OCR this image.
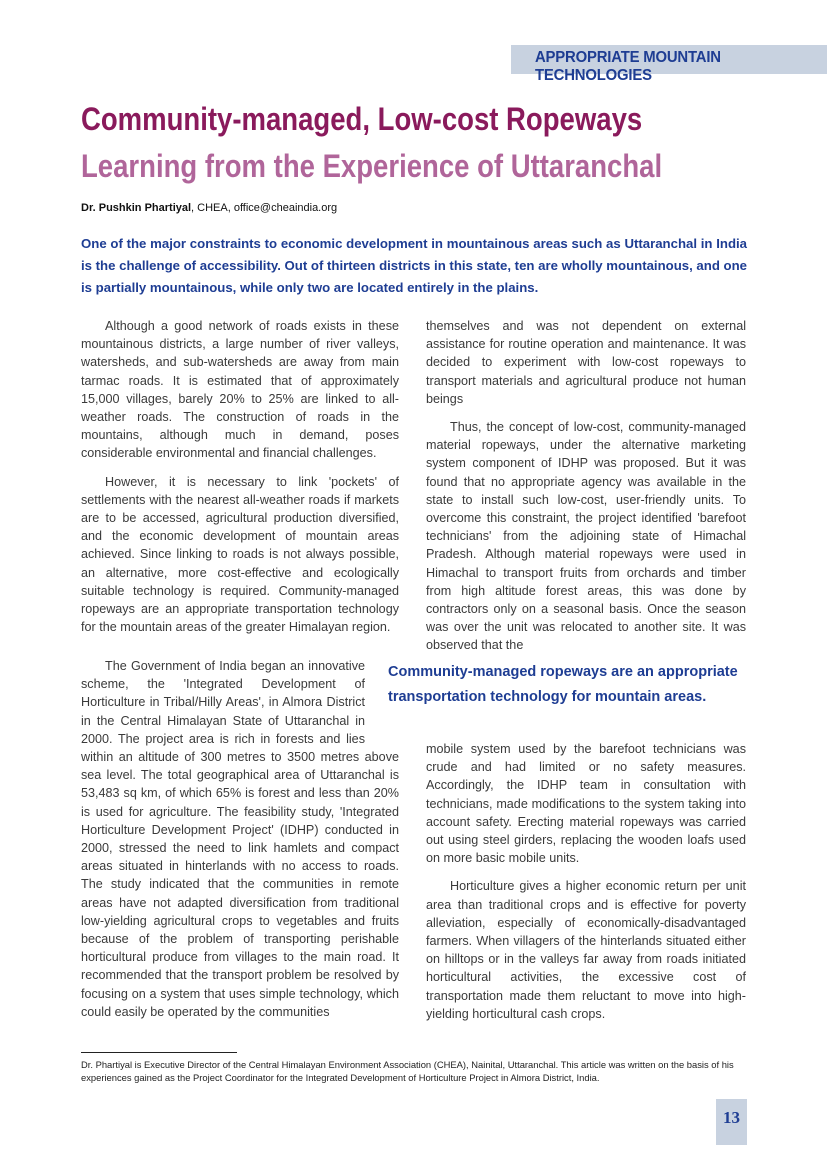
APPROPRIATE MOUNTAIN TECHNOLOGIES
Community-managed, Low-cost Ropeways
Learning from the Experience of Uttaranchal
Dr. Pushkin Phartiyal, CHEA, office@cheaindia.org
One of the major constraints to economic development in mountainous areas such as Uttaranchal in India is the challenge of accessibility. Out of thirteen districts in this state, ten are wholly mountainous, and one is partially mountainous, while only two are located entirely in the plains.

Although a good network of roads exists in these mountainous districts, a large number of river valleys, watersheds, and sub-watersheds are away from main tarmac roads. It is estimated that of approximately 15,000 villages, barely 20% to 25% are linked to all-weather roads. The construction of roads in the mountains, although much in demand, poses considerable environmental and financial challenges.

However, it is necessary to link 'pockets' of settlements with the nearest all-weather roads if markets are to be accessed, agricultural production diversified, and the economic development of mountain areas achieved. Since linking to roads is not always possible, an alternative, more cost-effective and ecologically suitable technology is required. Community-managed ropeways are an appropriate transportation technology for the mountain areas of the greater Himalayan region.

The Government of India began an innovative scheme, the 'Integrated Development of Horticulture in Tribal/Hilly Areas', in Almora District in the Central Himalayan State of Uttaranchal in 2000. The project area is rich in forests and lies within an altitude of 300 metres to 3500 metres above sea level. The total geographical area of Uttaranchal is 53,483 sq km, of which 65% is forest and less than 20% is used for agriculture. The feasibility study, 'Integrated Horticulture Development Project' (IDHP) conducted in 2000, stressed the need to link hamlets and compact areas situated in hinterlands with no access to roads. The study indicated that the communities in remote areas have not adapted diversification from traditional low-yielding agricultural crops to vegetables and fruits because of the problem of transporting perishable horticultural produce from villages to the main road. It recommended that the transport problem be resolved by focusing on a system that uses simple technology, which could easily be operated by the communities

themselves and was not dependent on external assistance for routine operation and maintenance. It was decided to experiment with low-cost ropeways to transport materials and agricultural produce not human beings

Thus, the concept of low-cost, community-managed material ropeways, under the alternative marketing system component of IDHP was proposed. But it was found that no appropriate agency was available in the state to install such low-cost, user-friendly units. To overcome this constraint, the project identified 'barefoot technicians' from the adjoining state of Himachal Pradesh. Although material ropeways were used in Himachal to transport fruits from orchards and timber from high altitude forest areas, this was done by contractors only on a seasonal basis. Once the season was over the unit was relocated to another site. It was observed that the

Community-managed ropeways are an appropriate transportation technology for mountain areas.

mobile system used by the barefoot technicians was crude and had limited or no safety measures. Accordingly, the IDHP team in consultation with technicians, made modifications to the system taking into account safety. Erecting material ropeways was carried out using steel girders, replacing the wooden loafs used on more basic mobile units.

Horticulture gives a higher economic return per unit area than traditional crops and is effective for poverty alleviation, especially of economically-disadvantaged farmers. When villagers of the hinterlands situated either on hilltops or in the valleys far away from roads initiated horticultural activities, the excessive cost of transportation made them reluctant to move into high-yielding horticultural cash crops.

Dr. Phartiyal is Executive Director of the Central Himalayan Environment Association (CHEA), Nainital, Uttaranchal. This article was written on the basis of his experiences gained as the Project Coordinator for the Integrated Development of Horticulture Project in Almora District, India.
13
